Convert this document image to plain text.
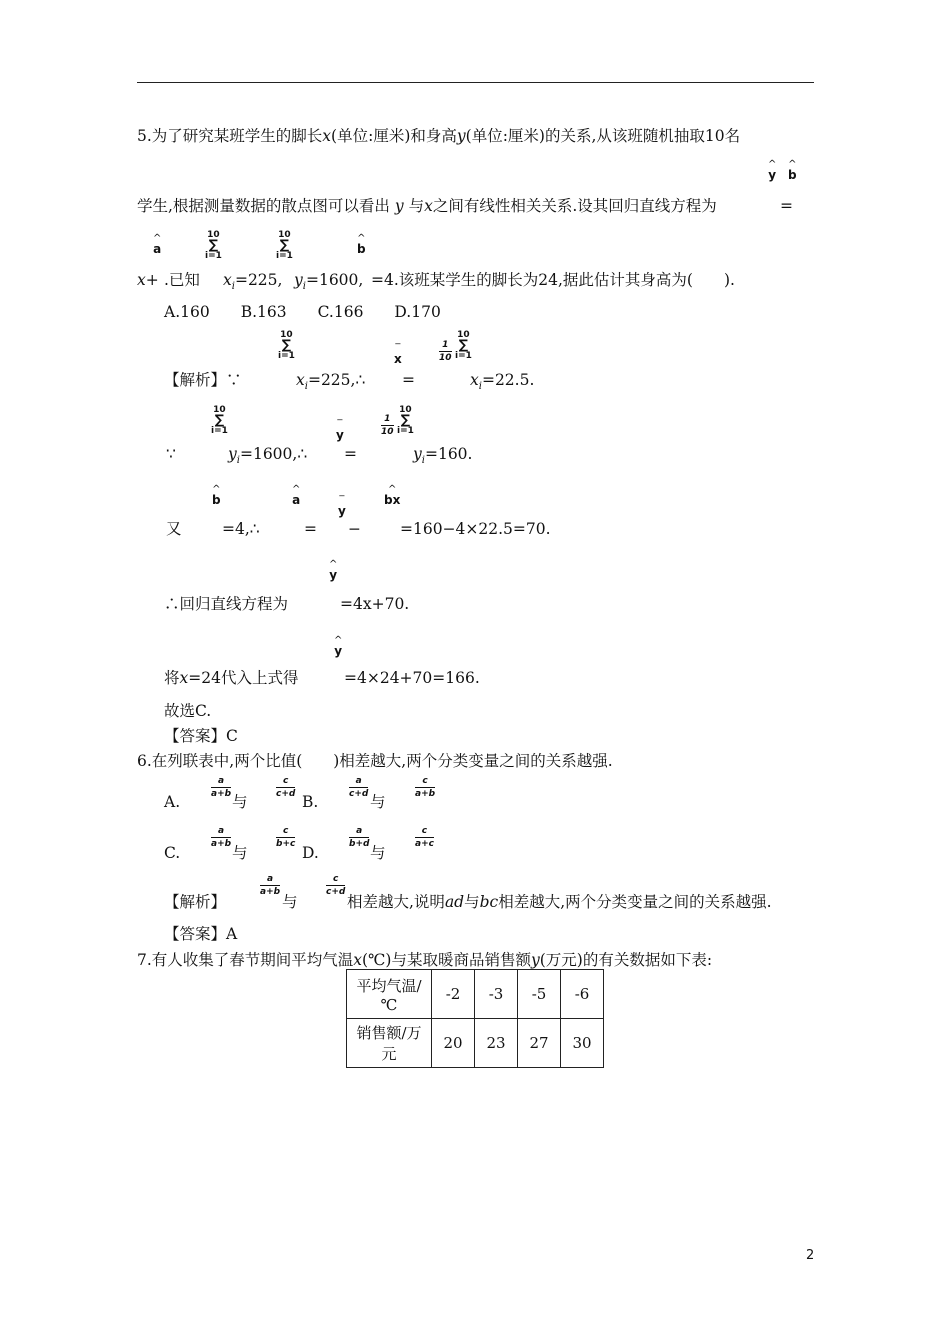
5.为了研究某班学生的脚长x(单位:厘米)和身高y(单位:厘米)的关系,从该班随机抽取10名
^
y
^
b
学生,根据测量数据的散点图可以看出 y 与x之间有线性相关关系.设其回归直线方程为	=
^
a
10
∑
i=1
10
∑
i=1
^
b
x+ .已知 $x_i=225$, $y_i=1600$, =4.该班某学生的脚长为24,据此估计其身高为(　　).
A.160　　B.163　　C.166　　D.170
10
∑
i=1
‾
x
1
10
10
∑
i=1
【解析】∵	$x_i=225,\therefore$ =	$x_i=22.5$.
10
∑
i=1
‾
y
1
10
10
∑
i=1
∵	$y_i=1600,\therefore$ =	$y_i=160$.
^
b
^
a	‾
y
^
bx
又	=4,∴	= −	=160−4×22.5=70.
^
y
∴回归直线方程为	=4x+70.
^
y
将x=24代入上式得	=4×24+70=166.
故选C.
【答案】C
6.在列联表中,两个比值(　　)相差越大,两个分类变量之间的关系越强.
a
a+b
c
c+d
a
c+d
c
a+b
A.	与	B.	与
a
a+b
c
b+c
a
b+d
c
a+c
C.	与	D.	与
a
a+b
c
c+d
【解析】	与	相差越大,说明ad与bc相差越大,两个分类变量之间的关系越强.
【答案】A
7.有人收集了春节期间平均气温x(℃)与某取暖商品销售额y(万元)的有关数据如下表:
平均气温/
℃	-2	-3	-5	-6

销售额/万
元	20	23	27	30
2
